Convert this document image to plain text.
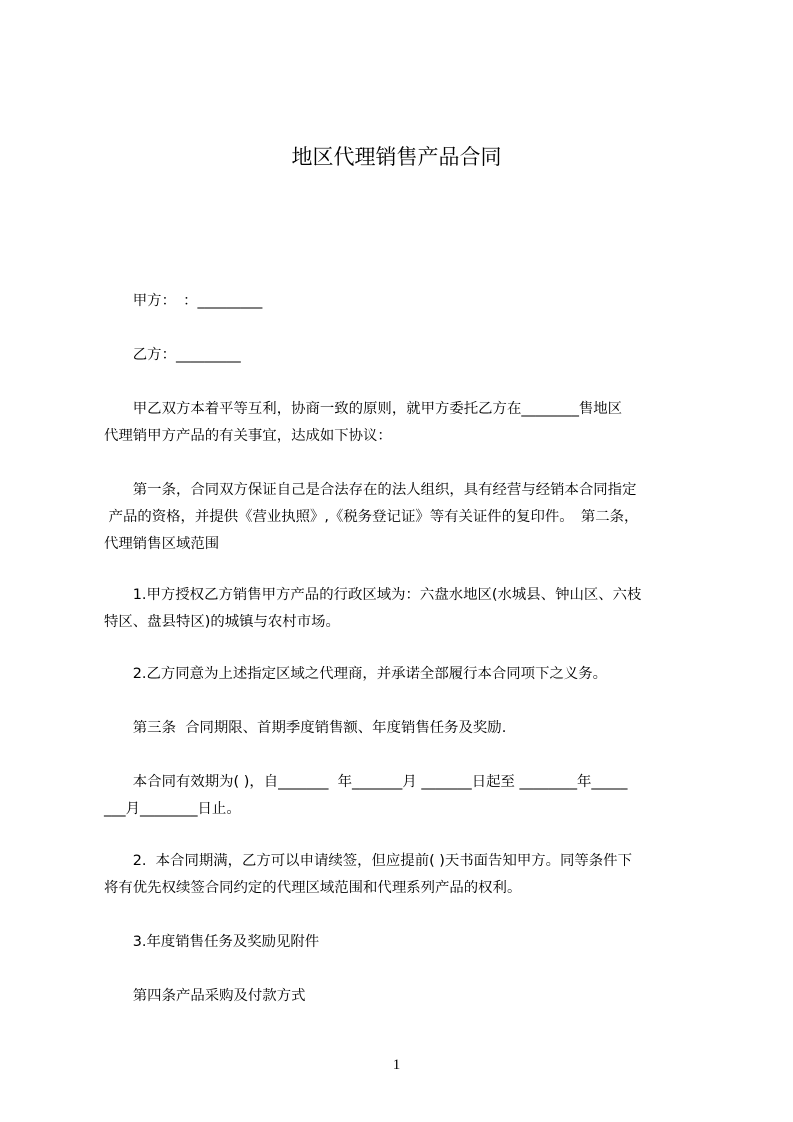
地区代理销售产品合同
　　甲方：　：_________
　　乙方：_________
　　甲乙双方本着平等互利，协商一致的原则，就甲方委托乙方在________售地区
代理销甲方产品的有关事宜，达成如下协议：
　　第一条，合同双方保证自己是合法存在的法人组织，具有经营与经销本合同指定
产品的资格，并提供《营业执照》,《税务登记证》等有关证件的复印件。　第二条，
代理销售区域范围
　　1.甲方授权乙方销售甲方产品的行政区域为：六盘水地区(水城县、钟山区、六枝
特区、盘县特区)的城镇与农村市场。
　　2.乙方同意为上述指定区域之代理商，并承诺全部履行本合同项下之义务。
　　第三条  合同期限、首期季度销售额、年度销售任务及奖励.
　　本合同有效期为( )，自_______  年_______月 _______日起至 ________年_____
___月________日止。
　　2.  本合同期满，乙方可以申请续签，但应提前( )天书面告知甲方。同等条件下
将有优先权续签合同约定的代理区域范围和代理系列产品的权利。
　　3.年度销售任务及奖励见附件
　　第四条产品采购及付款方式
1
